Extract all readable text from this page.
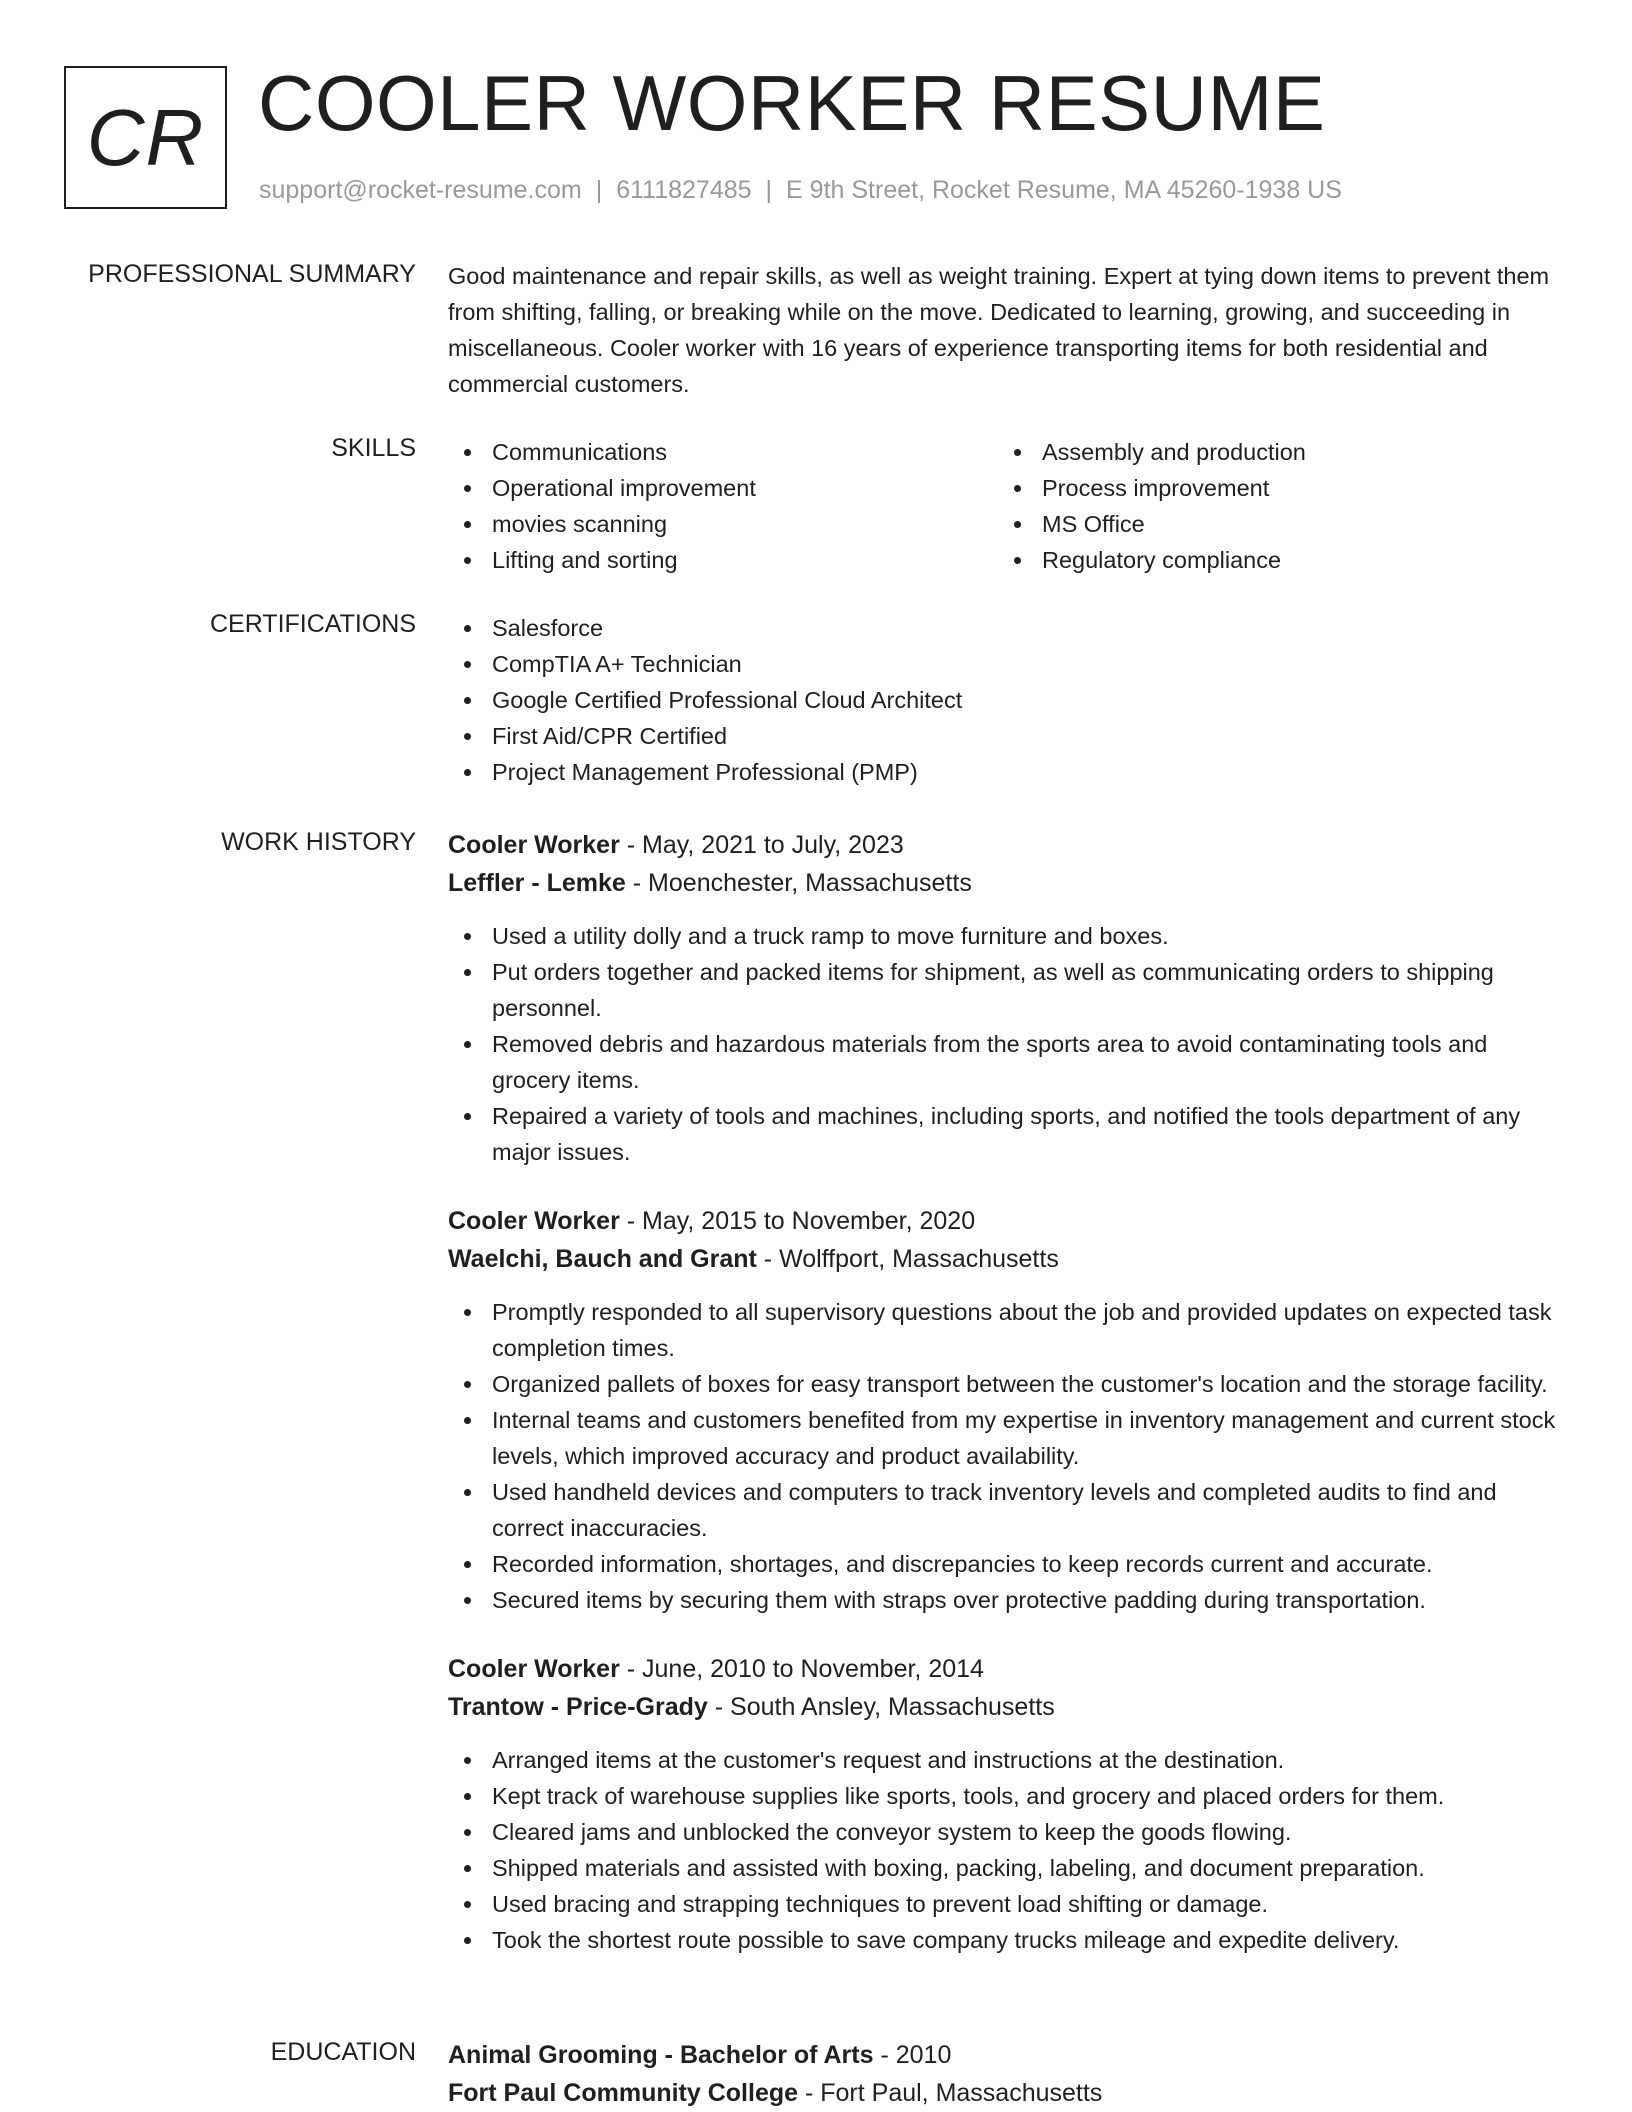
CR COOLER WORKER RESUME
support@rocket-resume.com | 6111827485 | E 9th Street, Rocket Resume, MA 45260-1938 US
PROFESSIONAL SUMMARY Good maintenance and repair skills, as well as weight training. Expert at tying down items to prevent them from shifting, falling, or breaking while on the move. Dedicated to learning, growing, and succeeding in miscellaneous. Cooler worker with 16 years of experience transporting items for both residential and commercial customers.
SKILLS	Communications
Operational improvement
movies scanning
Lifting and sorting
Assembly and production
Process improvement
MS Office
Regulatory compliance
CERTIFICATIONS	Salesforce
CompTIA A+ Technician
Google Certified Professional Cloud Architect
First Aid/CPR Certified
Project Management Professional (PMP)
WORK HISTORY Cooler Worker - May, 2021 to July, 2023
Leffler - Lemke - Moenchester, Massachusetts
Used a utility dolly and a truck ramp to move furniture and boxes.
Put orders together and packed items for shipment, as well as communicating orders to shipping personnel.
Removed debris and hazardous materials from the sports area to avoid contaminating tools and grocery items.
Repaired a variety of tools and machines, including sports, and notified the tools department of any major issues.
Cooler Worker - May, 2015 to November, 2020
Waelchi, Bauch and Grant - Wolffport, Massachusetts
Promptly responded to all supervisory questions about the job and provided updates on expected task completion times.
Organized pallets of boxes for easy transport between the customer's location and the storage facility.
Internal teams and customers benefited from my expertise in inventory management and current stock levels, which improved accuracy and product availability.
Used handheld devices and computers to track inventory levels and completed audits to find and correct inaccuracies.
Recorded information, shortages, and discrepancies to keep records current and accurate.
Secured items by securing them with straps over protective padding during transportation.
Cooler Worker - June, 2010 to November, 2014
Trantow - Price-Grady - South Ansley, Massachusetts
Arranged items at the customer's request and instructions at the destination.
Kept track of warehouse supplies like sports, tools, and grocery and placed orders for them.
Cleared jams and unblocked the conveyor system to keep the goods flowing.
Shipped materials and assisted with boxing, packing, labeling, and document preparation.
Used bracing and strapping techniques to prevent load shifting or damage.
Took the shortest route possible to save company trucks mileage and expedite delivery.
EDUCATION Animal Grooming - Bachelor of Arts - 2010
Fort Paul Community College - Fort Paul, Massachusetts
